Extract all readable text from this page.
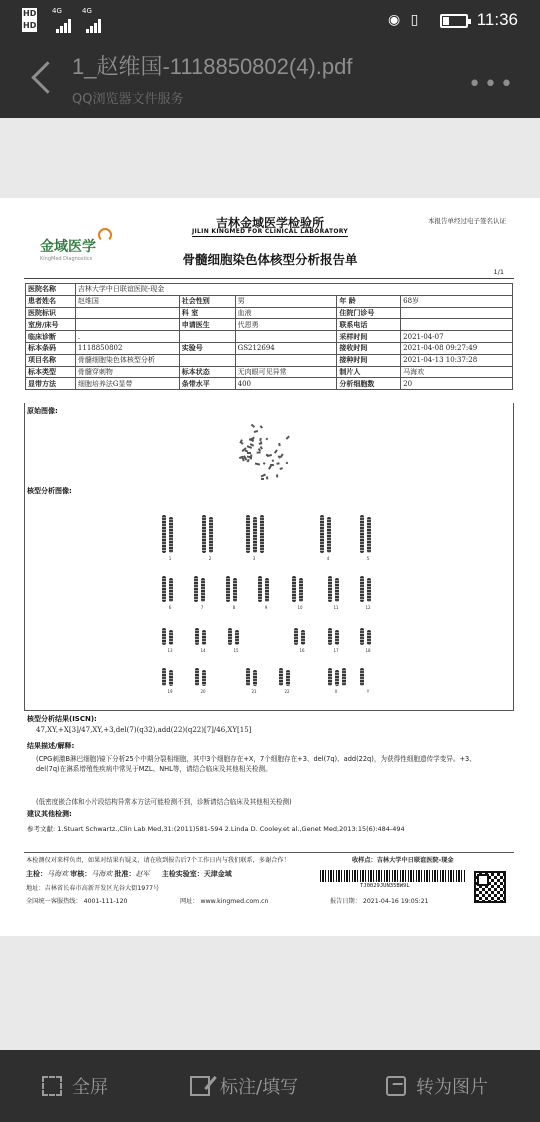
HD
HD
4G	4G
◉ ▯	11:36
1_赵维国-1118850802(4).pdf
QQ浏览器文件服务
•••
金域医学
KingMed Diagnostics
吉林金域医学检验所
JILIN KINGMED FOR CLINICAL LABORATORY
本报告单经过电子签名认证
骨髓细胞染色体核型分析报告单
1/1
医院名称	吉林大学中日联谊医院-现金				
患者姓名	赵维国	社会性别	男	年 龄	68岁
医院标识		科 室	血液	住院门诊号	
室房/床号		申请医生	代恩勇	联系电话	
临床诊断	.			采样时间	2021-04-07
标本条码	1118850802	实验号	GS212694	接收时间	2021-04-08 09:27:49
项目名称	骨髓细胞染色体核型分析			接种时间	2021-04-13 10:37:28
标本类型	骨髓穿刺物	标本状态	无肉眼可见异常	制片人	马海欢
显带方法	细胞培养法G显带	条带水平	400	分析细胞数	20
原始图像:
核型分析图像:
1	2	3	4	5
6	7	8	9	10	11	12
13	14	15	16	17	18
19	20	21	22	X	Y
核型分析结果(ISCN):
47,XY,+X[3]/47,XY,+3,del(7)(q32),add(22)(q22)[7]/46,XY[15]
结果描述/解释:
(CPG刺激B淋巴细胞)镜下分析25个中期分裂相细胞，其中3个细胞存在+X，7个细胞存在+3、del(7q)、add(22q)，为获得性细胞遗传学变异。+3、del(7q)在淋系增殖性疾病中常见于MZL、NHL等，请结合临床及其他相关检测。
(低密度嵌合体和小片段结构异常本方法可能检测不到，诊断请结合临床及其他相关检测)
建议其他检测:
参考文献: 1.Stuart Schwartz.,Clin Lab Med,31:(2011)581-594 2.Linda D. Cooley.et al.,Genet Med,2013:15(6):484-494
本检测仅对来样负责，如果对结果有疑义，请在收到报告后7个工作日内与我们联系，多谢合作！	收样点：吉林大学中日联谊医院-现金
主检：马海欢 审核：马海欢 批准：赵军 主检实验室：天津金域
地址：吉林省长春市高新开发区光谷大街1977号
全国统一客服热线： 4001-111-120	网址： www.kingmed.com.cn	报告日期： 2021-04-16 19:05:21
TJ0029JUN35BW9L
全屏	标注/填写	转为图片
